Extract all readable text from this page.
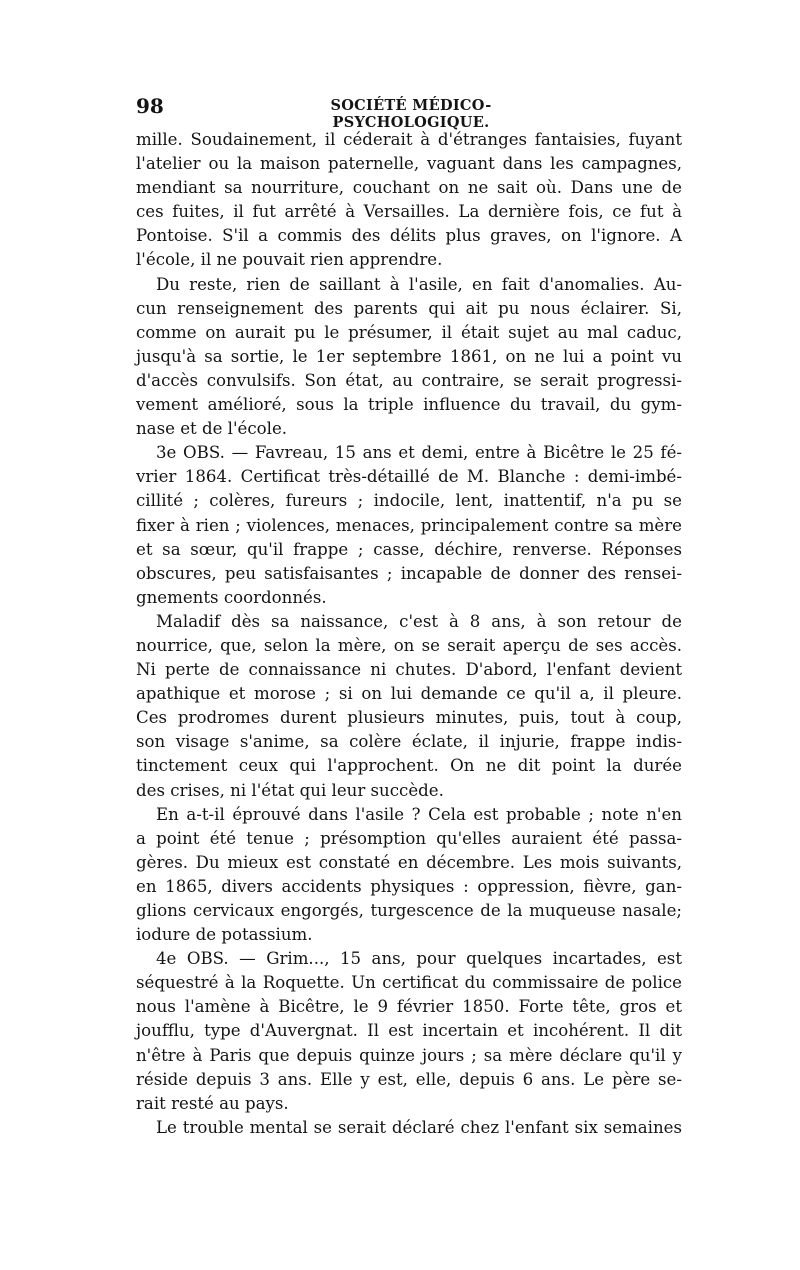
98	SOCIÉTÉ MÉDICO-PSYCHOLOGIQUE.
mille. Soudainement, il céderait à d'étranges fantaisies, fuyant
l'atelier ou la maison paternelle, vaguant dans les campagnes,
mendiant sa nourriture, couchant on ne sait où. Dans une de
ces fuites, il fut arrêté à Versailles. La dernière fois, ce fut à
Pontoise. S'il a commis des délits plus graves, on l'ignore. A
l'école, il ne pouvait rien apprendre.
Du reste, rien de saillant à l'asile, en fait d'anomalies. Au-
cun renseignement des parents qui ait pu nous éclairer. Si,
comme on aurait pu le présumer, il était sujet au mal caduc,
jusqu'à sa sortie, le 1er septembre 1861, on ne lui a point vu
d'accès convulsifs. Son état, au contraire, se serait progressi-
vement amélioré, sous la triple influence du travail, du gym-
nase et de l'école.
3e OBS. — Favreau, 15 ans et demi, entre à Bicêtre le 25 fé-
vrier 1864. Certificat très-détaillé de M. Blanche : demi-imbé-
cillité ; colères, fureurs ; indocile, lent, inattentif, n'a pu se
fixer à rien ; violences, menaces, principalement contre sa mère
et sa sœur, qu'il frappe ; casse, déchire, renverse. Réponses
obscures, peu satisfaisantes ; incapable de donner des rensei-
gnements coordonnés.
Maladif dès sa naissance, c'est à 8 ans, à son retour de
nourrice, que, selon la mère, on se serait aperçu de ses accès.
Ni perte de connaissance ni chutes. D'abord, l'enfant devient
apathique et morose ; si on lui demande ce qu'il a, il pleure.
Ces prodromes durent plusieurs minutes, puis, tout à coup,
son visage s'anime, sa colère éclate, il injurie, frappe indis-
tinctement ceux qui l'approchent. On ne dit point la durée
des crises, ni l'état qui leur succède.
En a-t-il éprouvé dans l'asile ? Cela est probable ; note n'en
a point été tenue ; présomption qu'elles auraient été passa-
gères. Du mieux est constaté en décembre. Les mois suivants,
en 1865, divers accidents physiques : oppression, fièvre, gan-
glions cervicaux engorgés, turgescence de la muqueuse nasale;
iodure de potassium.
4e OBS. — Grim..., 15 ans, pour quelques incartades, est
séquestré à la Roquette. Un certificat du commissaire de police
nous l'amène à Bicêtre, le 9 février 1850. Forte tête, gros et
joufflu, type d'Auvergnat. Il est incertain et incohérent. Il dit
n'être à Paris que depuis quinze jours ; sa mère déclare qu'il y
réside depuis 3 ans. Elle y est, elle, depuis 6 ans. Le père se-
rait resté au pays.
Le trouble mental se serait déclaré chez l'enfant six semaines
